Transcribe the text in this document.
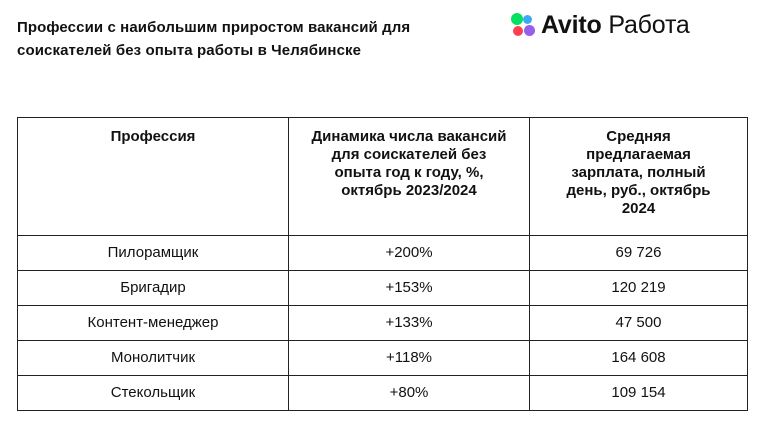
Профессии с наибольшим приростом вакансий для соискателей без опыта работы в Челябинске
Avito Работа
Профессия	Динамика числа вакансий для соискателей без опыта год к году, %, октябрь 2023/2024	Средняя предлагаемая зарплата, полный день, руб., октябрь 2024
Пилорамщик	+200%	69 726
Бригадир	+153%	120 219
Контент-менеджер	+133%	47 500
Монолитчик	+118%	164 608
Стекольщик	+80%	109 154
